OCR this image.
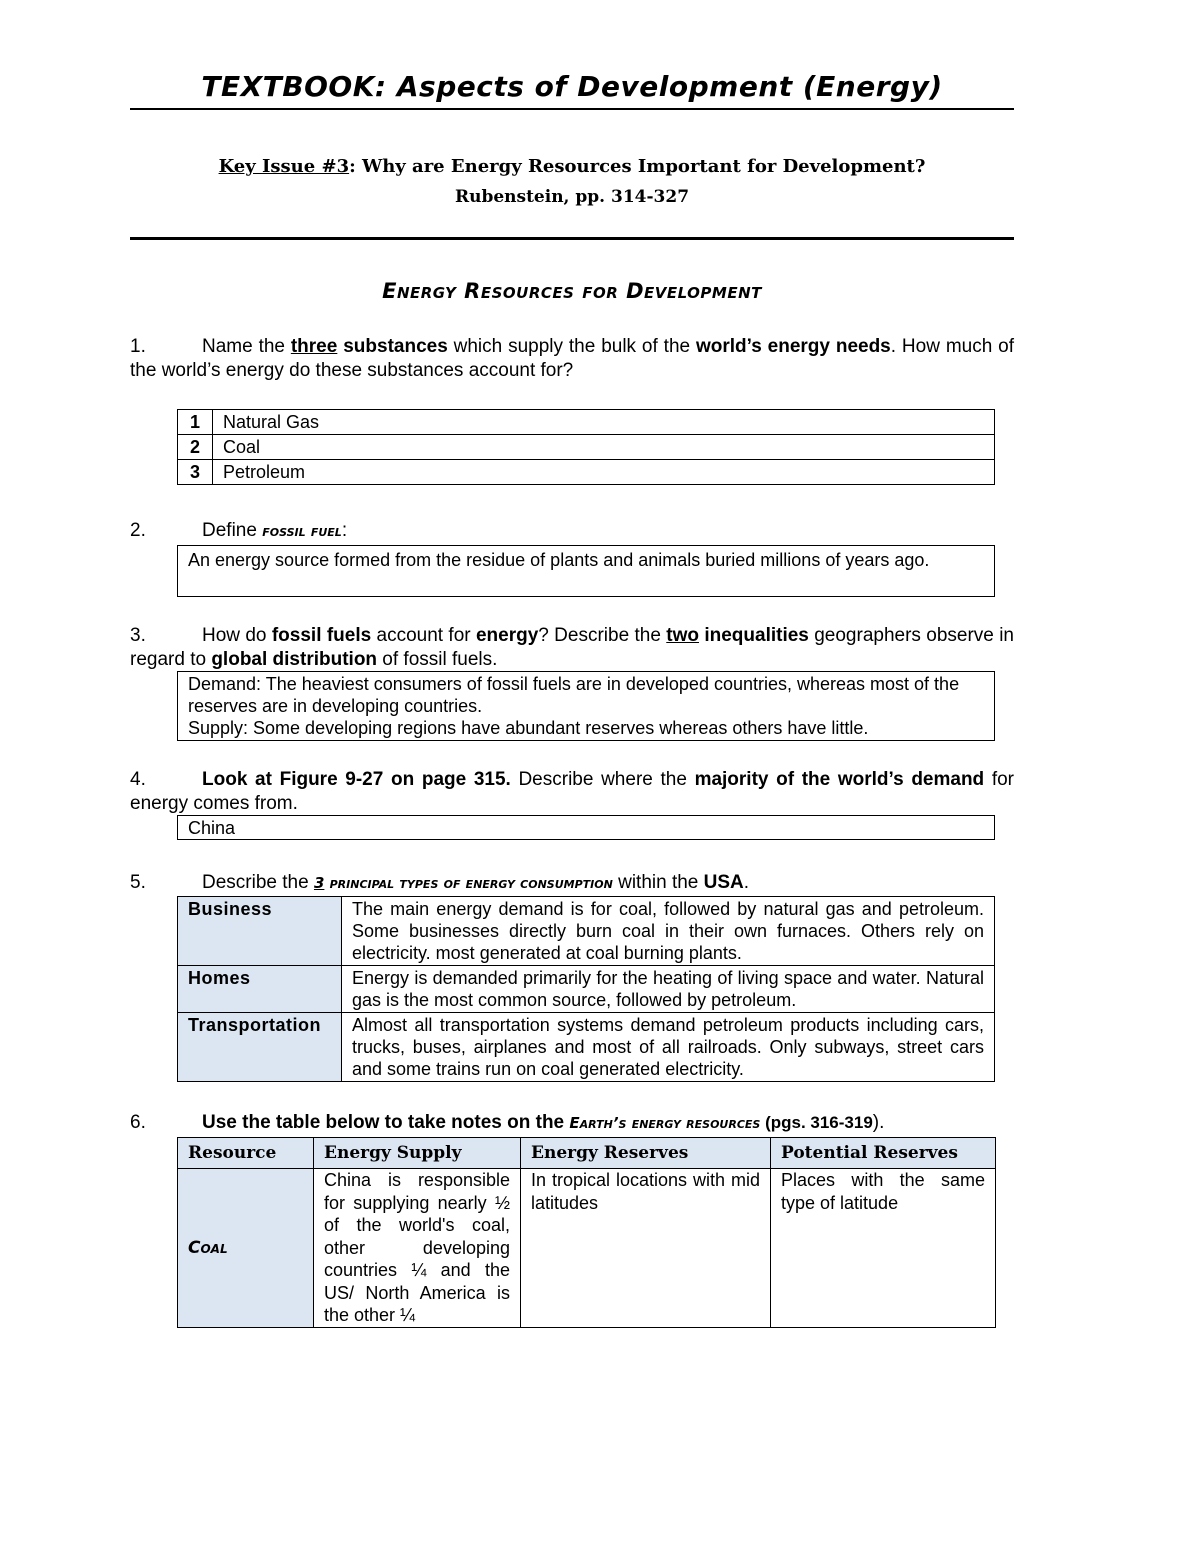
TEXTBOOK: Aspects of Development (Energy)
Key Issue #3: Why are Energy Resources Important for Development?
Rubenstein, pp. 314-327
Energy Resources for Development
1.	Name the three substances which supply the bulk of the world’s energy needs. How much of the world’s energy do these substances account for?
1	Natural Gas
2	Coal
3	Petroleum
2.	Define fossil fuel:
An energy source formed from the residue of plants and animals buried millions of years ago.
3.	How do fossil fuels account for energy? Describe the two inequalities geographers observe in regard to global distribution of fossil fuels.
Demand: The heaviest consumers of fossil fuels are in developed countries, whereas most of the reserves are in developing countries.
Supply: Some developing regions have abundant reserves whereas others have little.
4.	Look at Figure 9-27 on page 315. Describe where the majority of the world’s demand for energy comes from.
China
5.	Describe the 3 principal types of energy consumption within the USA.
Business	The main energy demand is for coal, followed by natural gas and petroleum. Some businesses directly burn coal in their own furnaces. Others rely on electricity. most generated at coal burning plants.
Homes	Energy is demanded primarily for the heating of living space and water. Natural gas is the most common source, followed by petroleum.
Transportation	Almost all transportation systems demand petroleum products including cars, trucks, buses, airplanes and most of all railroads. Only subways, street cars and some trains run on coal generated electricity.
6.	Use the table below to take notes on the Earth’s energy resources (pgs. 316-319).
Resource	Energy Supply	Energy Reserves	Potential Reserves
Coal	China is responsible for supplying nearly ½ of the world's coal, other developing countries ¼ and the US/ North America is the other ¼	In tropical locations with mid latitudes	Places with the same type of latitude
